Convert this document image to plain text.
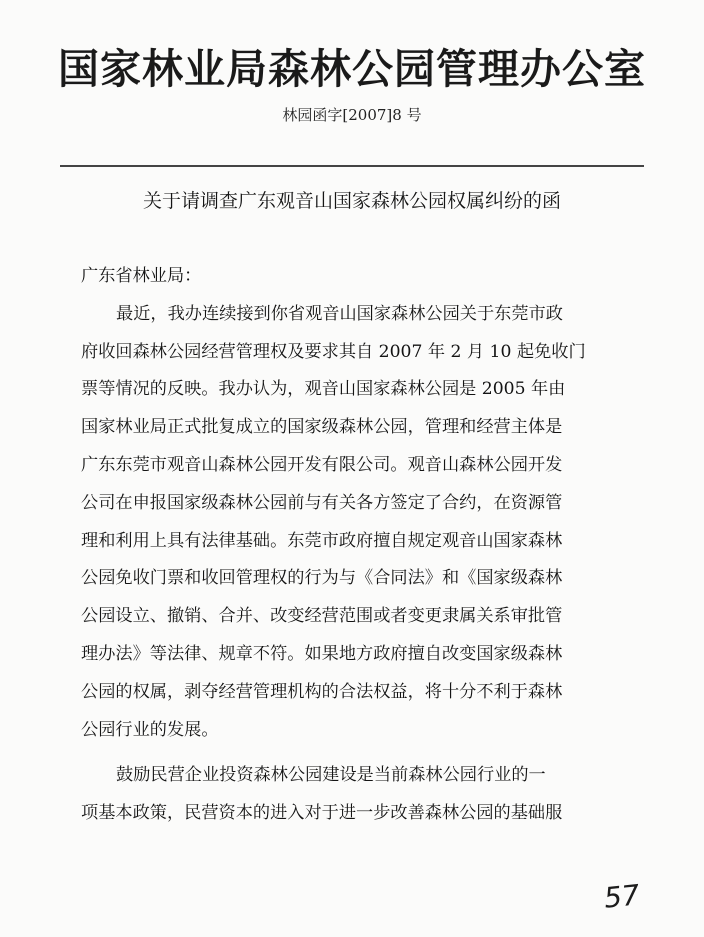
国家林业局森林公园管理办公室
林园函字[2007]8 号
关于请调查广东观音山国家森林公园权属纠纷的函
广东省林业局：
最近，我办连续接到你省观音山国家森林公园关于东莞市政
府收回森林公园经营管理权及要求其自 2007 年 2 月 10 起免收门
票等情况的反映。我办认为，观音山国家森林公园是 2005 年由
国家林业局正式批复成立的国家级森林公园，管理和经营主体是
广东东莞市观音山森林公园开发有限公司。观音山森林公园开发
公司在申报国家级森林公园前与有关各方签定了合约，在资源管
理和利用上具有法律基础。东莞市政府擅自规定观音山国家森林
公园免收门票和收回管理权的行为与《合同法》和《国家级森林
公园设立、撤销、合并、改变经营范围或者变更隶属关系审批管
理办法》等法律、规章不符。如果地方政府擅自改变国家级森林
公园的权属，剥夺经营管理机构的合法权益，将十分不利于森林
公园行业的发展。
鼓励民营企业投资森林公园建设是当前森林公园行业的一
项基本政策，民营资本的进入对于进一步改善森林公园的基础服
57
